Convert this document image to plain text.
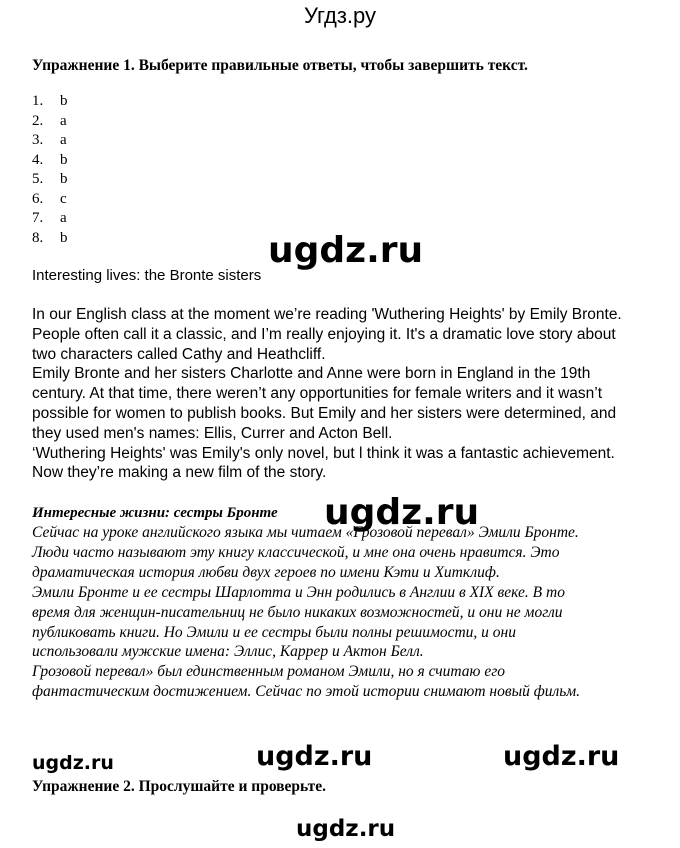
Угдз.ру
Упражнение 1. Выберите правильные ответы, чтобы завершить текст.
1. b
2. a
3. a
4. b
5. b
6. c
7. a
8. b	ugdz.ru
Interesting lives: the Bronte sisters

In our English class at the moment we’re reading 'Wuthering Heights' by Emily Bronte. People often call it a classic, and I’m really enjoying it. It's a dramatic love story about two characters called Cathy and Heathcliff.

Emily Bronte and her sisters Charlotte and Anne were born in England in the 19th century. At that time, there weren’t any opportunities for female writers and it wasn’t possible for women to publish books. But Emily and her sisters were determined, and they used men's names: Ellis, Currer and Acton Bell.

‘Wuthering Heights' was Emily's only novel, but l think it was a fantastic achievement. Now they’re making a new film of the story.

Интересные жизни: сестры Бронте ugdz.ru

Сейчас на уроке английского языка мы читаем «Грозовой перевал» Эмили Бронте. Люди часто называют эту книгу классической, и мне она очень нравится. Это драматическая история любви двух героев по имени Кэти и Хитклиф.

Эмили Бронте и ее сестры Шарлотта и Энн родились в Англии в XIX веке. В то время для женщин-писательниц не было никаких возможностей, и они не могли публиковать книги. Но Эмили и ее сестры были полны решимости, и они использовали мужские имена: Эллис, Каррер и Актон Белл.

Грозовой перевал» был единственным романом Эмили, но я считаю его фантастическим достижением. Сейчас по этой истории снимают новый фильм.

ugdz.ru	ugdz.ru	ugdz.ru
Упражнение 2. Прослушайте и проверьте.
ugdz.ru
